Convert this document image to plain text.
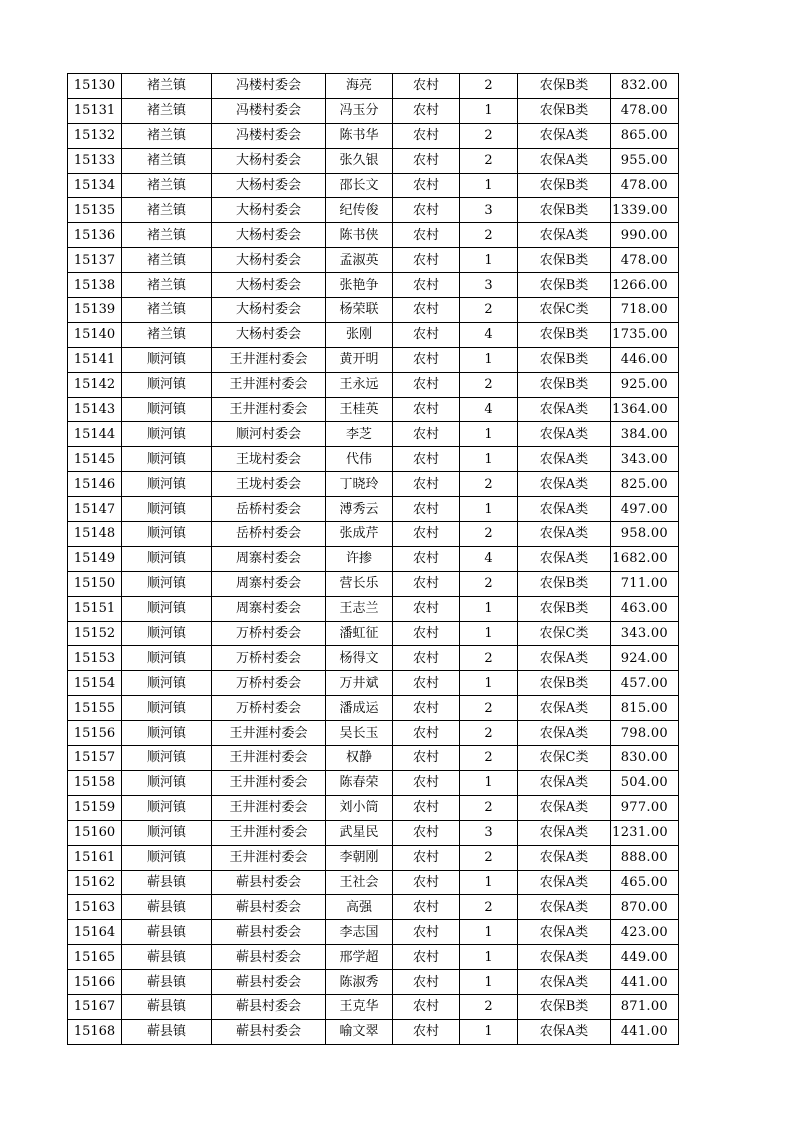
15130	褚兰镇	冯楼村委会	海亮	农村	2	农保B类	832.00
15131	褚兰镇	冯楼村委会	冯玉分	农村	1	农保B类	478.00
15132	褚兰镇	冯楼村委会	陈书华	农村	2	农保A类	865.00
15133	褚兰镇	大杨村委会	张久银	农村	2	农保A类	955.00
15134	褚兰镇	大杨村委会	邵长文	农村	1	农保B类	478.00
15135	褚兰镇	大杨村委会	纪传俊	农村	3	农保B类	1339.00
15136	褚兰镇	大杨村委会	陈书侠	农村	2	农保A类	990.00
15137	褚兰镇	大杨村委会	孟淑英	农村	1	农保B类	478.00
15138	褚兰镇	大杨村委会	张艳争	农村	3	农保B类	1266.00
15139	褚兰镇	大杨村委会	杨荣联	农村	2	农保C类	718.00
15140	褚兰镇	大杨村委会	张刚	农村	4	农保B类	1735.00
15141	顺河镇	王井涯村委会	黄开明	农村	1	农保B类	446.00
15142	顺河镇	王井涯村委会	王永远	农村	2	农保B类	925.00
15143	顺河镇	王井涯村委会	王桂英	农村	4	农保A类	1364.00
15144	顺河镇	顺河村委会	李芝	农村	1	农保A类	384.00
15145	顺河镇	王垅村委会	代伟	农村	1	农保A类	343.00
15146	顺河镇	王垅村委会	丁晓玲	农村	2	农保A类	825.00
15147	顺河镇	岳桥村委会	溥秀云	农村	1	农保A类	497.00
15148	顺河镇	岳桥村委会	张成芹	农村	2	农保A类	958.00
15149	顺河镇	周寨村委会	许掺	农村	4	农保A类	1682.00
15150	顺河镇	周寨村委会	营长乐	农村	2	农保B类	711.00
15151	顺河镇	周寨村委会	王志兰	农村	1	农保B类	463.00
15152	顺河镇	万桥村委会	潘虹征	农村	1	农保C类	343.00
15153	顺河镇	万桥村委会	杨得文	农村	2	农保A类	924.00
15154	顺河镇	万桥村委会	万井斌	农村	1	农保B类	457.00
15155	顺河镇	万桥村委会	潘成运	农村	2	农保A类	815.00
15156	顺河镇	王井涯村委会	吴长玉	农村	2	农保A类	798.00
15157	顺河镇	王井涯村委会	权静	农村	2	农保C类	830.00
15158	顺河镇	王井涯村委会	陈春荣	农村	1	农保A类	504.00
15159	顺河镇	王井涯村委会	刘小筒	农村	2	农保A类	977.00
15160	顺河镇	王井涯村委会	武星民	农村	3	农保A类	1231.00
15161	顺河镇	王井涯村委会	李朝刚	农村	2	农保A类	888.00
15162	蕲县镇	蕲县村委会	王社会	农村	1	农保A类	465.00
15163	蕲县镇	蕲县村委会	高强	农村	2	农保A类	870.00
15164	蕲县镇	蕲县村委会	李志国	农村	1	农保A类	423.00
15165	蕲县镇	蕲县村委会	邢学超	农村	1	农保A类	449.00
15166	蕲县镇	蕲县村委会	陈淑秀	农村	1	农保A类	441.00
15167	蕲县镇	蕲县村委会	王克华	农村	2	农保B类	871.00
15168	蕲县镇	蕲县村委会	喻文翠	农村	1	农保A类	441.00
